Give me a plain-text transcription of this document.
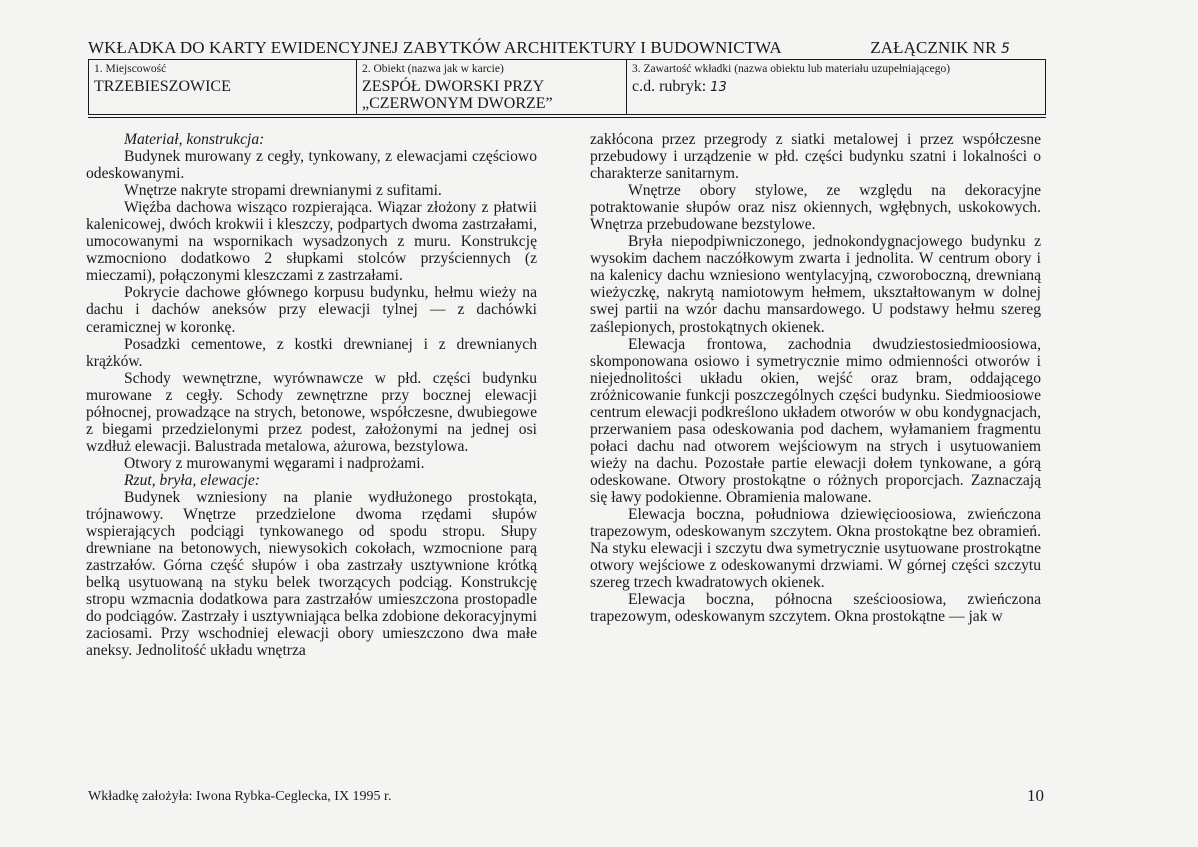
WKŁADKA DO KARTY EWIDENCYJNEJ ZABYTKÓW ARCHITEKTURY I BUDOWNICTWA	ZAŁĄCZNIK NR 5
1. Miejscowość
TRZEBIESZOWICE
2. Obiekt (nazwa jak w karcie)
ZESPÓŁ DWORSKI PRZY
„CZERWONYM DWORZE”
3. Zawartość wkładki (nazwa obiektu lub materiału uzupełniającego)
c.d. rubryk: 13

Materiał, konstrukcja:

Budynek murowany z cegły, tynkowany, z elewacjami częściowo odeskowanymi.

Wnętrze nakryte stropami drewnianymi z sufitami.

Więźba dachowa wisząco rozpierająca. Wiązar złożony z płatwii kalenicowej, dwóch krokwii i kleszczy, podpartych dwoma zastrzałami, umocowanymi na wspornikach wysadzonych z muru. Konstrukcję wzmocniono dodatkowo 2 słupkami stolców przyściennych (z mieczami), połączonymi kleszczami z zastrzałami.

Pokrycie dachowe głównego korpusu budynku, hełmu wieży na dachu i dachów aneksów przy elewacji tylnej — z dachówki ceramicznej w koronkę.

Posadzki cementowe, z kostki drewnianej i z drewnianych krążków.

Schody wewnętrzne, wyrównawcze w płd. części budynku murowane z cegły. Schody zewnętrzne przy bocznej elewacji północnej, prowadzące na strych, betonowe, współczesne, dwubiegowe z biegami przedzielonymi przez podest, założonymi na jednej osi wzdłuż elewacji. Balustrada metalowa, ażurowa, bezstylowa.

Otwory z murowanymi węgarami i nadprożami.

Rzut, bryła, elewacje:

Budynek wzniesiony na planie wydłużonego prostokąta, trójnawowy. Wnętrze przedzielone dwoma rzędami słupów wspierających podciągi tynkowanego od spodu stropu. Słupy drewniane na betonowych, niewysokich cokołach, wzmocnione parą zastrzałów. Górna część słupów i oba zastrzały usztywnione krótką belką usytuowaną na styku belek tworzących podciąg. Konstrukcję stropu wzmacnia dodatkowa para zastrzałów umieszczona prostopadle do podciągów. Zastrzały i usztywniająca belka zdobione dekoracyjnymi zaciosami. Przy wschodniej elewacji obory umieszczono dwa małe aneksy. Jednolitość układu wnętrza

zakłócona przez przegrody z siatki metalowej i przez współczesne przebudowy i urządzenie w płd. części budynku szatni i lokalności o charakterze sanitarnym.

Wnętrze obory stylowe, ze względu na dekoracyjne potraktowanie słupów oraz nisz okiennych, wgłębnych, uskokowych. Wnętrza przebudowane bezstylowe.

Bryła niepodpiwniczonego, jednokondygnacjowego budynku z wysokim dachem naczółkowym zwarta i jednolita. W centrum obory i na kalenicy dachu wzniesiono wentylacyjną, czworoboczną, drewnianą wieżyczkę, nakrytą namiotowym hełmem, ukształtowanym w dolnej swej partii na wzór dachu mansardowego. U podstawy hełmu szereg zaślepionych, prostokątnych okienek.

Elewacja frontowa, zachodnia dwudziestosiedmioosiowa, skomponowana osiowo i symetrycznie mimo odmienności otworów i niejednolitości układu okien, wejść oraz bram, oddającego zróżnicowanie funkcji poszczególnych części budynku. Siedmioosiowe centrum elewacji podkreślono układem otworów w obu kondygnacjach, przerwaniem pasa odeskowania pod dachem, wyłamaniem fragmentu połaci dachu nad otworem wejściowym na strych i usytuowaniem wieży na dachu. Pozostałe partie elewacji dołem tynkowane, a górą odeskowane. Otwory prostokątne o różnych proporcjach. Zaznaczają się ławy podokienne. Obramienia malowane.

Elewacja boczna, południowa dziewięcioosiowa, zwieńczona trapezowym, odeskowanym szczytem. Okna prostokątne bez obramień. Na styku elewacji i szczytu dwa symetrycznie usytuowane prostrokątne otwory wejściowe z odeskowanymi drzwiami. W górnej części szczytu szereg trzech kwadratowych okienek.

Elewacja boczna, północna sześcioosiowa, zwieńczona trapezowym, odeskowanym szczytem. Okna prostokątne — jak w

Wkładkę założyła: Iwona Rybka-Ceglecka, IX 1995 r.	10
